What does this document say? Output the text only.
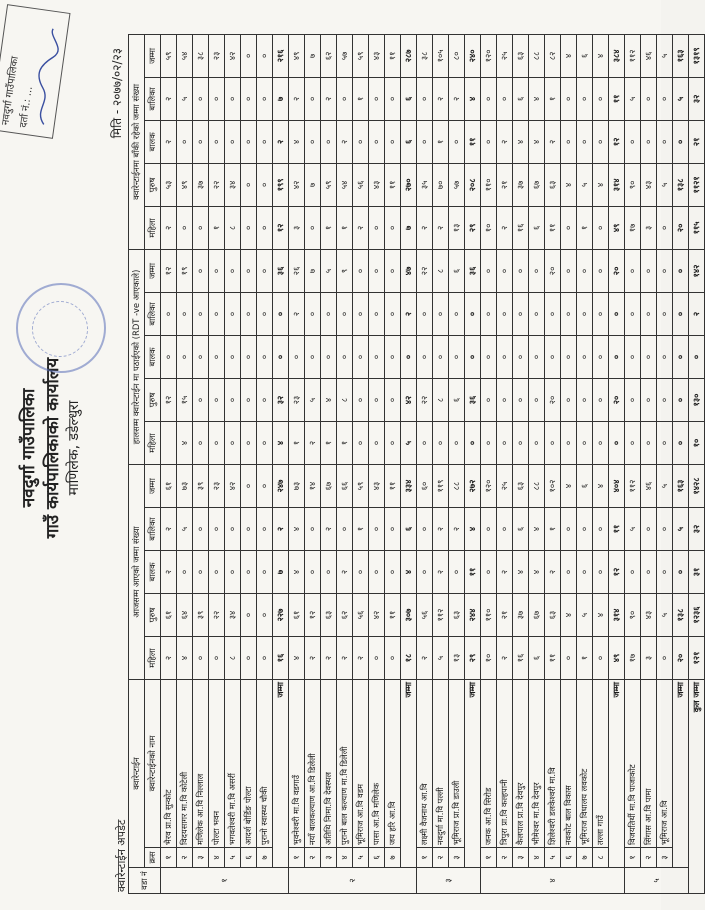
नवदुर्गा गाउँपालिका गाउँ कार्यपालिकाको कार्यालय माणिलेक, डडेल्धुरा
नवदुर्गा गाउँपालिका
दर्ता नं.: ...
क्वारेन्टाईन अपडेट
मिति - २०७७/०२/२३
वडा नं	क्वारेन्टाईन		आजसम्म आएको जम्मा संख्या					हालसम्म क्वारेन्टाईन मा पठाईएको (RDT -ve आएकाले)					क्वारेन्टाईनमा बाँकी रहेको जम्मा संख्या				
	क्रस	क्वारेन्टाईनको नाम	महिला	पुरुष	बालक	बालिका	जम्मा	महिला	पुरुष	बालक	बालिका	जम्मा	महिला	पुरुष	बालक	बालिका	जम्मा
१	१	भैरव प्रा.वि सुन्कोट	२	६१	२	२	६१		१२	०	०	१२	२	५३	२	२	५९
	२	विदयसागर मा.वि कोटेली	४	६४	०	५	७३	४	१५	०	०	१९	०	४९	०	५	५४
	३	मणिलेक आ.वि निल्लाल	०	३९	०	०	३९	०	०	०	०	०	०	३७	०	०	३८
	४	पोल्टा भवन	०	२२	०	०	२३	०	०	०	०	०	१	२२	०	०	२३
	५	भगवतेश्वरी मा.वि असर्री	८	३४	०	०	४२	०	०	०	०	०	८	३४	०	०	४२
	६	आदर्श बोर्डिङ पोल्टा	०	०	०	०	०	०	०	०	०	०	०	०	०	०	०
	७	पुरानो स्वास्थ्य चौकी	०	०	०	०	०	०	०	०	०	०	०	०	०	०	०
	जम्मा		१६	२२७	७	२	२४७	४	३२	०	०	३६	१२	१९९	२	७	२१६
२	१	भुवनेश्वरी मा.वि वडगाउँ	४	६१	४	४	७३	१	२३	०	२	२६	३	४२	४	२	४९
	२	नयाँ बालकल्याण आ.वि डिलेली	२	१२	०	०	१४	२	५	०	०	७	०	७	०	०	७
	३	अतिथि निःमा.वि देवस्थल	२	६३	०	२	६७	१	४	०	०	५	१	५९	०	२	६२
	४	पुरानो बाल कल्याण मा.वि डिलेली	२	६२	२	०	६६	१	८	०	०	९	१	५४	२	०	५७
	५	भूमिराज आ.वि वडम	२	५६	०	१	५९	०	०	०	०	०	२	५६	०	१	५९
	६	पासा आ.वि मणिलेक	०	४२	०	०	४३	०	०	०	०	०	०	४३	०	०	४३
	७	जय हरि आ.वि	०	११	०	०	११	०	०	०	०	०	०	११	०	०	११
	जम्मा		१८	३०७	४	६	३३४	५	४२	०	२	४७	७	२७०	६	६	२८७
३	१	लक्ष्मी वैजनाथ आ.वि	२	५६	०	०	६०	०	२२	०	०	२२	२	३५	०	०	३८
	२	नवदुर्गा मा.वि पल्ली	५	११२	२	२	११९	०	८	०	०	८	२	७०	१	२	१०५
	३	भूमिराज प्रा.वि डाउली	१३	६३	०	२	८८	०	६	०	०	६	१३	५७	०	२	८०
	जम्मा		२९	२४४	११	४	२७२	०	३६	०	०	३६	२९	२०८	११	४	२४०
४	१	जनक आ.वि सिरोड	१०	११०	०	०	१२०	०	०	०	०	०	१०	११०	०	०	१२०
	२	त्रिपुरा प्रा.वि कल्हपानी	२	२१	२	०	२५	०	०	०	०	०	२	२१	२	०	२५
	३	कैलपाल प्रा.वि देवपुर	१६	३७	४	६	६३	०	०	०	०	०	१६	३७	४	६	६३
	४	भीमेश्वर मा.वि देवपुर	६	६७	४	४	८८	०	०	०	०	०	६	६७	४	४	८८
	५	ज्ञिलेश्वरी डलकेश्वरी मा.वि	११	६३	२	१	१०२	०	२०	०	०	२०	११	६३	२	१	८२
	६	नवकोट बाल विकास	०	४	०	०	४	०	०	०	०	०	०	४	०	०	४
	७	भूमिराज विधालय लवकोट	१	५	०	०	६	०	०	०	०	०	१	५	०	०	६
	८	तल्ला गाउँ	०	४	०	०	४	०	०	०	०	०	०	४	०	०	४
	जम्मा		४९	३१४	१२	११	४०४	०	२०	०	०	२०	४९	३१४	१२	११	३८४
५	१	विजयतिर्थी मा.वि पाजाकोट	१७	९०	०	५	११२	०	०	०	०	०	१७	९०	०	५	११२
	२	सिंगास आ.वि पामा	३	४३	०	०	४६	०	०	०	०	०	३	४३	०	०	४६
	३	भूमिराज आ.वि	०	५	०	०	५	०	०	०	०	०	०	५	०	०	५
	जम्मा		२०	१३८	०	५	१६३	०	०	०	०	०	२०	१३८	०	५	१६३
कुल जम्मा			१२१	१२३६	३१	३२	१४२८	१०	१३०	०	२	१४२	११५	११२१	२१	३२	१३१९
